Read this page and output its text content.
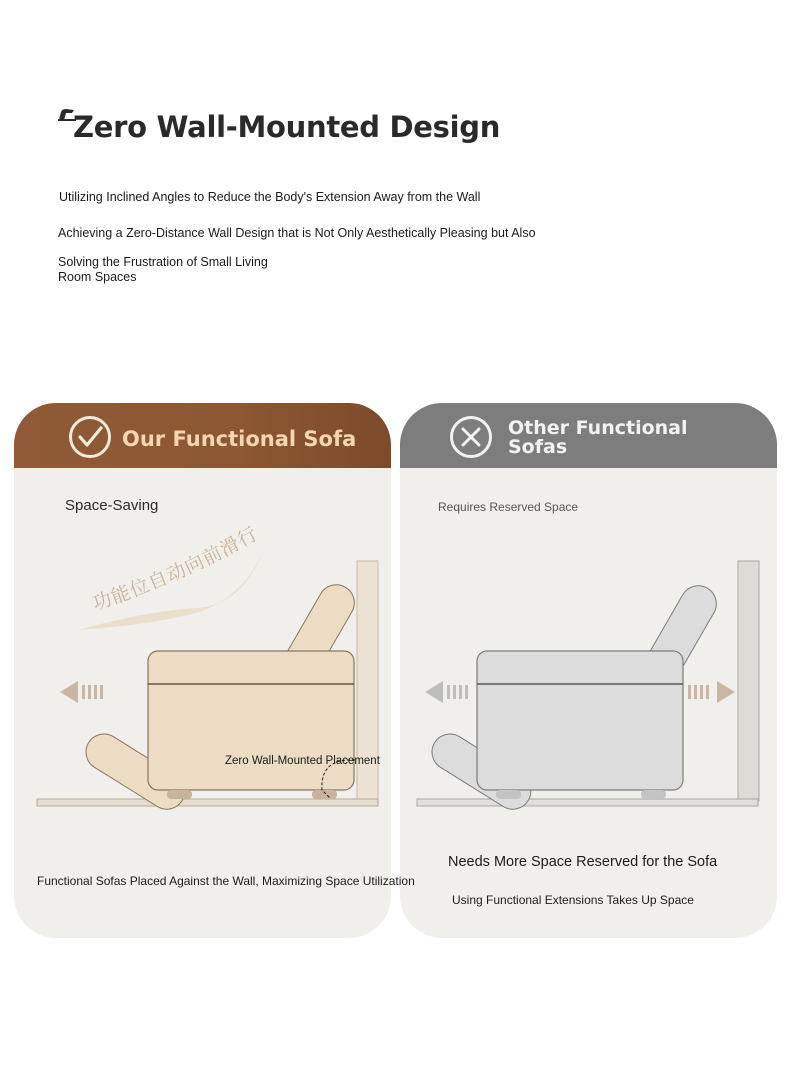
Zero Wall-Mounted Design
Utilizing Inclined Angles to Reduce the Body's Extension Away from the Wall
Achieving a Zero-Distance Wall Design that is Not Only Aesthetically Pleasing but Also
Solving the Frustration of Small Living
Room Spaces
Our Functional Sofa	Other Functional
Sofas
Space-Saving	Requires Reserved Space
功能位自动向前滑行
Zero Wall-Mounted Placement
Functional Sofas Placed Against the Wall, Maximizing Space Utilization
Needs More Space Reserved for the Sofa
Using Functional Extensions Takes Up Space
